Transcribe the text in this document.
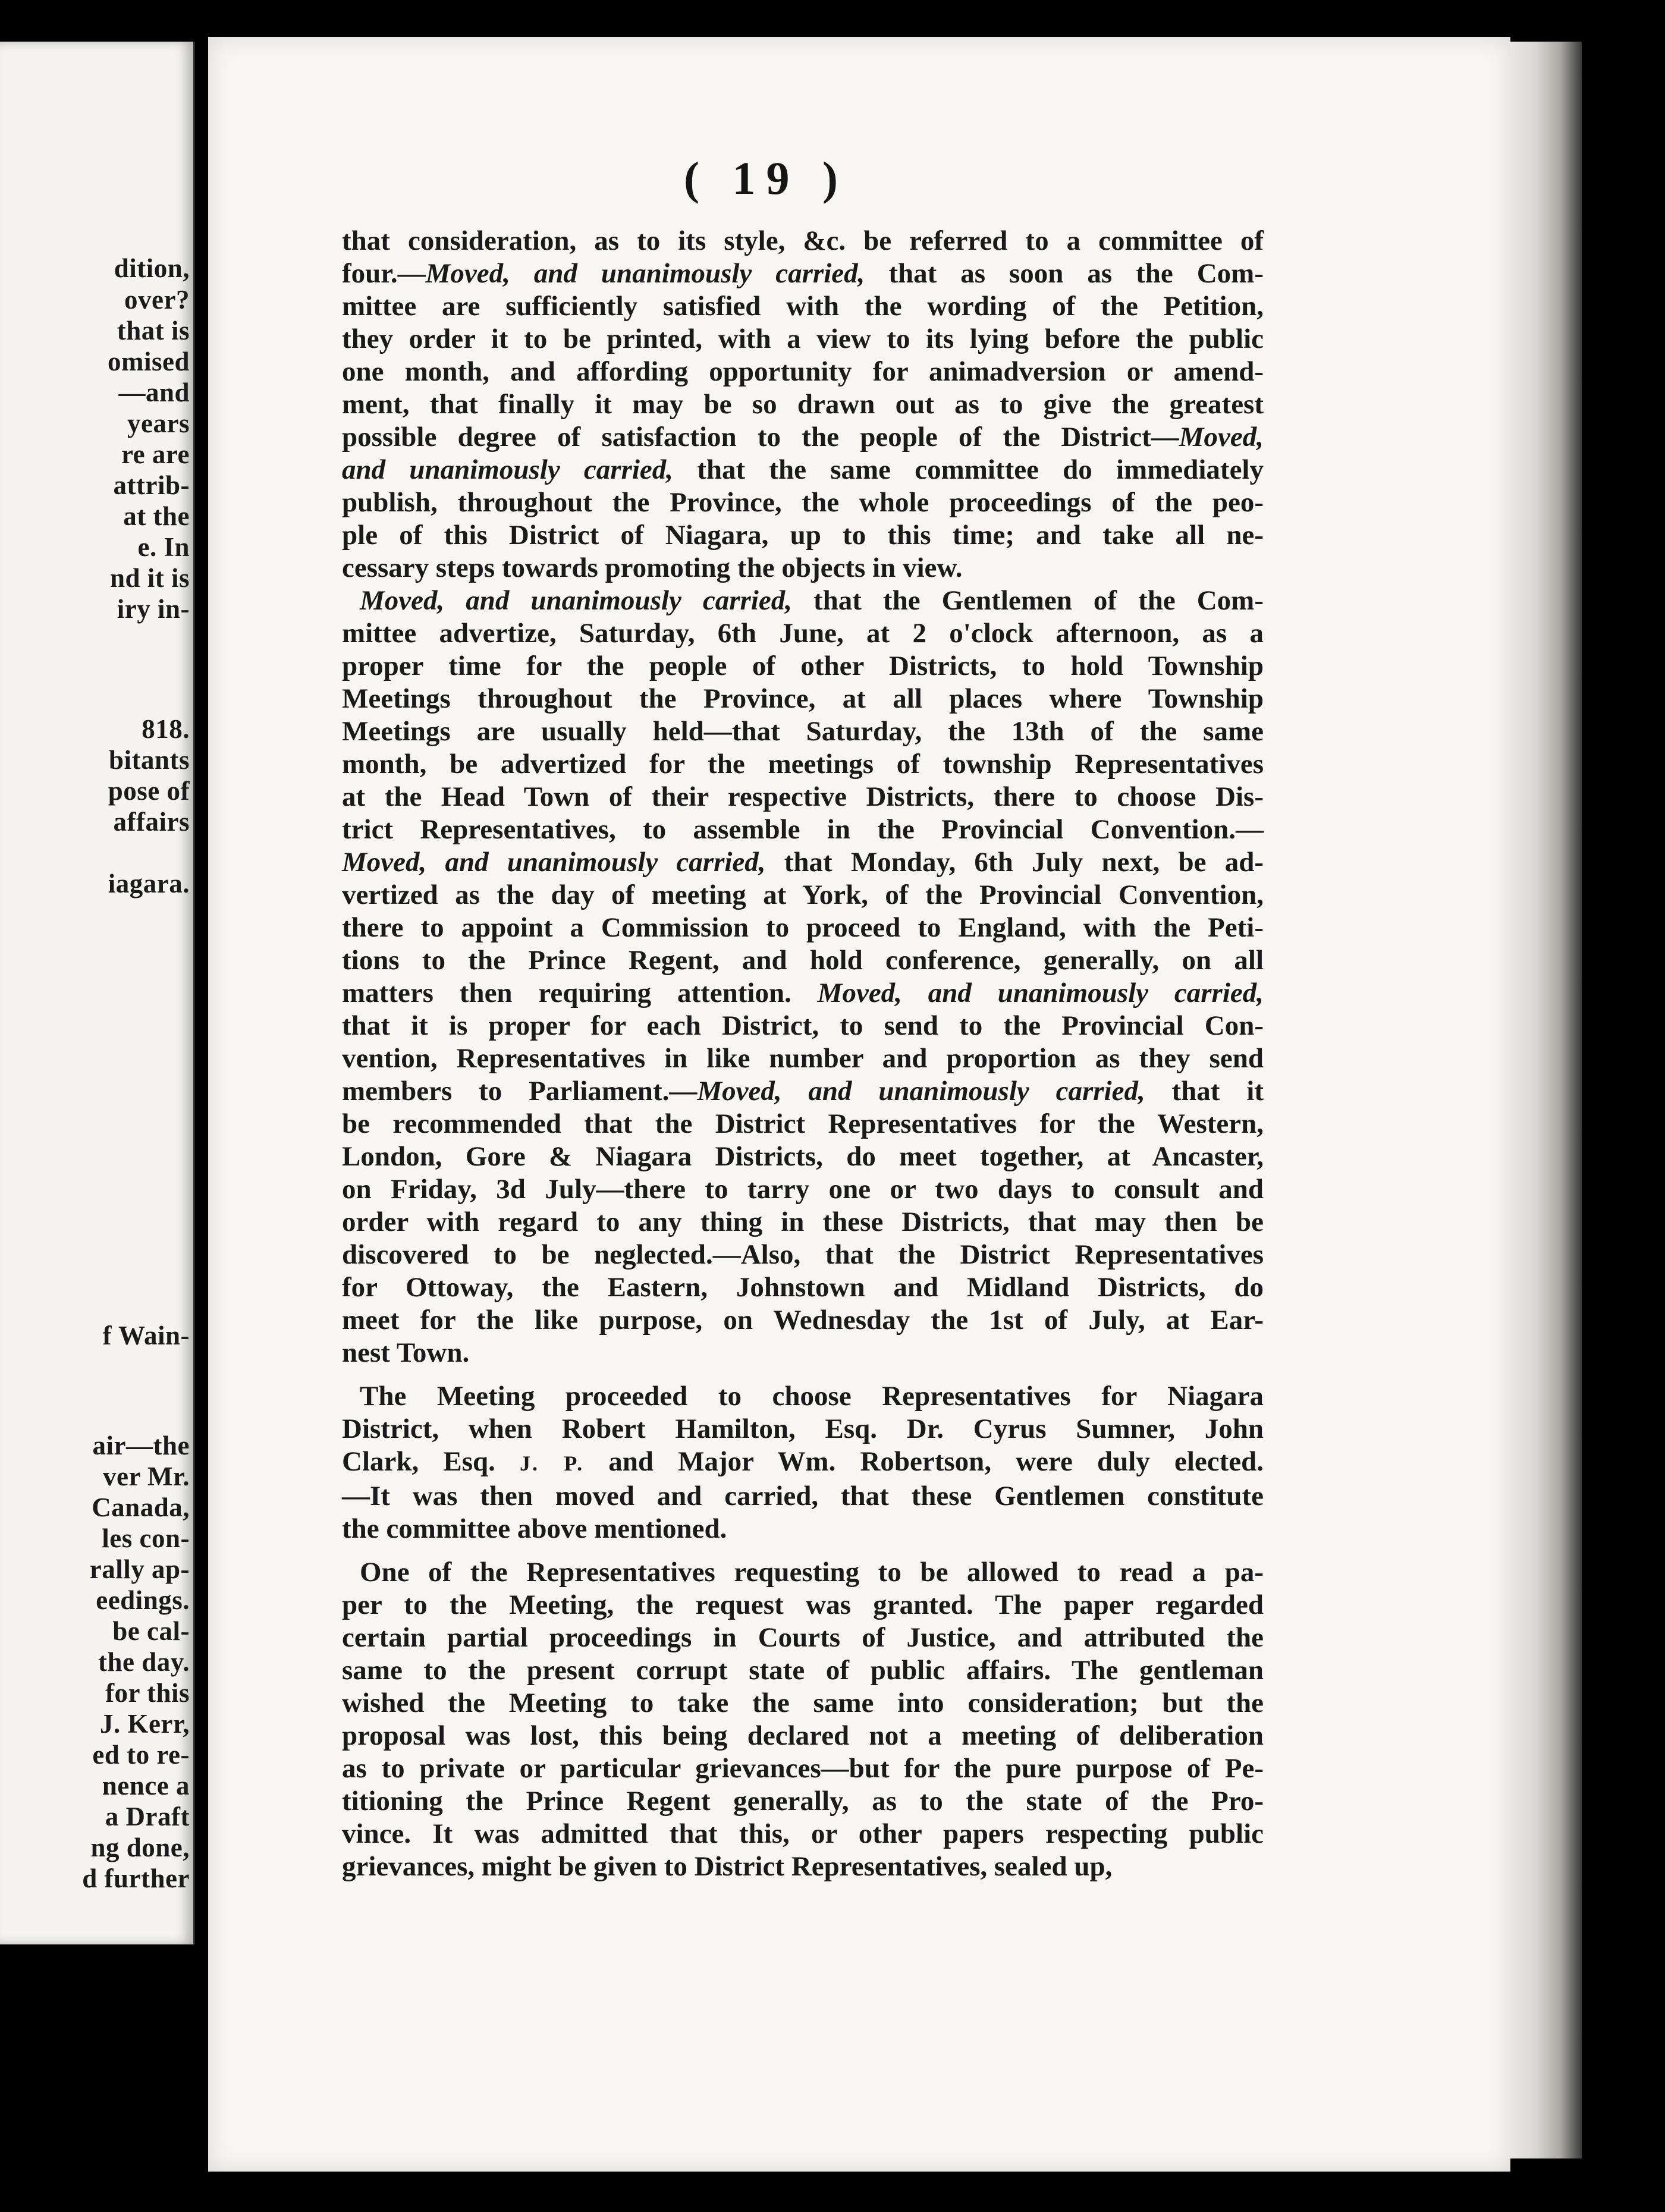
dition,
over?
that is
omised
—and
years
re are
attrib-
at the
e. In
nd it is
iry in-
818.
bitants
pose of
affairs
iagara.
f Wain-
air—the
ver Mr.
Canada,
les con-
rally ap-
eedings.
be cal-
the day.
for this
J. Kerr,
ed to re-
nence a
a Draft
ng done,
d further
( 19 )

that consideration, as to its style, &c. be referred to a committee of

four.—Moved, and unanimously carried, that as soon as the Com-

mittee are sufficiently satisfied with the wording of the Petition,

they order it to be printed, with a view to its lying before the public

one month, and affording opportunity for animadversion or amend-

ment, that finally it may be so drawn out as to give the greatest

possible degree of satisfaction to the people of the District—Moved,

and unanimously carried, that the same committee do immediately

publish, throughout the Province, the whole proceedings of the peo-

ple of this District of Niagara, up to this time; and take all ne-

cessary steps towards promoting the objects in view.

Moved, and unanimously carried, that the Gentlemen of the Com-

mittee advertize, Saturday, 6th June, at 2 o'clock afternoon, as a

proper time for the people of other Districts, to hold Township

Meetings throughout the Province, at all places where Township

Meetings are usually held—that Saturday, the 13th of the same

month, be advertized for the meetings of township Representatives

at the Head Town of their respective Districts, there to choose Dis-

trict Representatives, to assemble in the Provincial Convention.—

Moved, and unanimously carried, that Monday, 6th July next, be ad-

vertized as the day of meeting at York, of the Provincial Convention,

there to appoint a Commission to proceed to England, with the Peti-

tions to the Prince Regent, and hold conference, generally, on all

matters then requiring attention. Moved, and unanimously carried,

that it is proper for each District, to send to the Provincial Con-

vention, Representatives in like number and proportion as they send

members to Parliament.—Moved, and unanimously carried, that it

be recommended that the District Representatives for the Western,

London, Gore & Niagara Districts, do meet together, at Ancaster,

on Friday, 3d July—there to tarry one or two days to consult and

order with regard to any thing in these Districts, that may then be

discovered to be neglected.—Also, that the District Representatives

for Ottoway, the Eastern, Johnstown and Midland Districts, do

meet for the like purpose, on Wednesday the 1st of July, at Ear-

nest Town.

The Meeting proceeded to choose Representatives for Niagara

District, when Robert Hamilton, Esq. Dr. Cyrus Sumner, John

Clark, Esq. J. P. and Major Wm. Robertson, were duly elected.

—It was then moved and carried, that these Gentlemen constitute

the committee above mentioned.

One of the Representatives requesting to be allowed to read a pa-

per to the Meeting, the request was granted. The paper regarded

certain partial proceedings in Courts of Justice, and attributed the

same to the present corrupt state of public affairs. The gentleman

wished the Meeting to take the same into consideration; but the

proposal was lost, this being declared not a meeting of deliberation

as to private or particular grievances—but for the pure purpose of Pe-

titioning the Prince Regent generally, as to the state of the Pro-

vince. It was admitted that this, or other papers respecting public

grievances, might be given to District Representatives, sealed up,
